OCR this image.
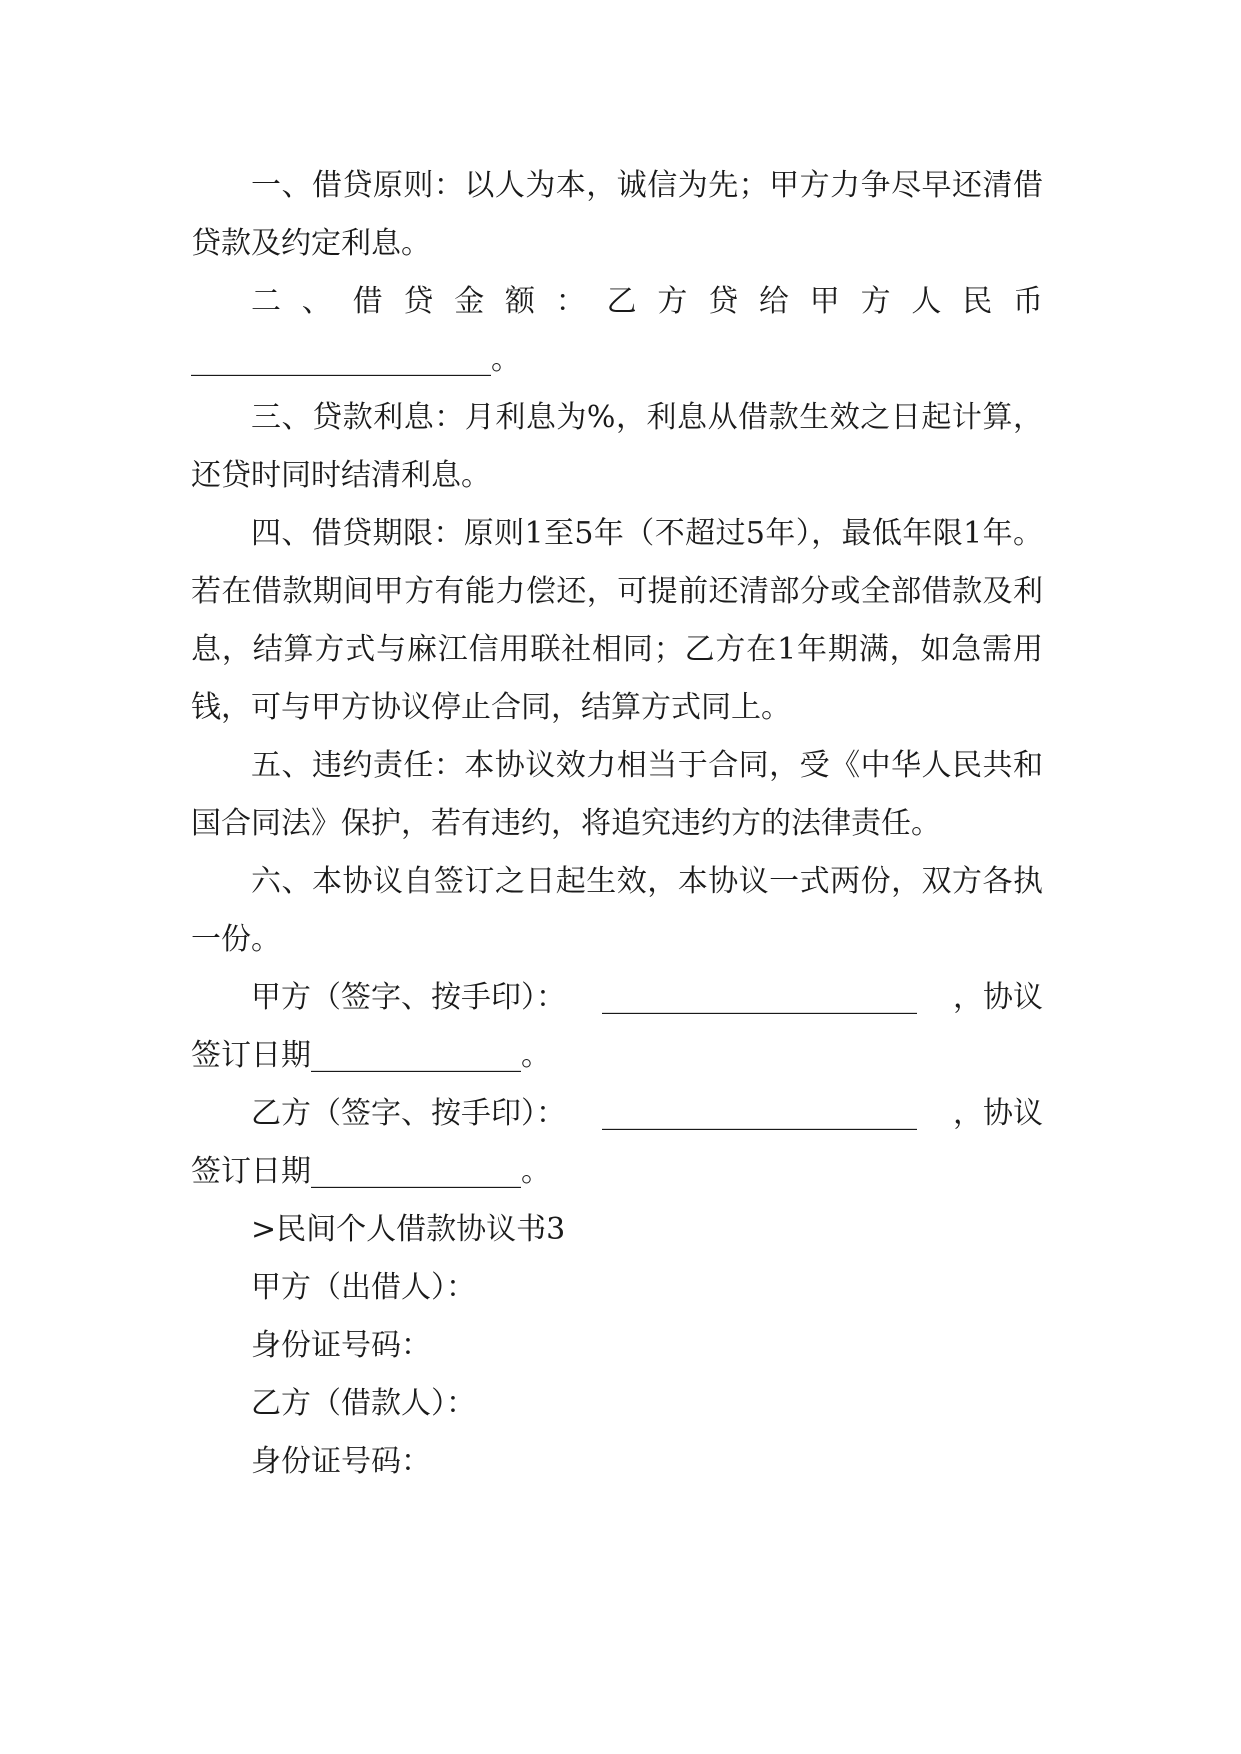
一、借贷原则：以人为本，诚信为先；甲方力争尽早还清借贷款及约定利息。

二、借贷金额：乙方贷给甲方人民币
____________________。

三、贷款利息：月利息为%，利息从借款生效之日起计算，还贷时同时结清利息。

四、借贷期限：原则1至5年（不超过5年），最低年限1年。若在借款期间甲方有能力偿还，可提前还清部分或全部借款及利息，结算方式与麻江信用联社相同；乙方在1年期满，如急需用钱，可与甲方协议停止合同，结算方式同上。

五、违约责任：本协议效力相当于合同，受《中华人民共和国合同法》保护，若有违约，将追究违约方的法律责任。

六、本协议自签订之日起生效，本协议一式两份，双方各执一份。

甲方（签字、按手印）： _____________________ ，协议
签订日期______________。
乙方（签字、按手印）： _____________________ ，协议
签订日期______________。
>民间个人借款协议书3
甲方（出借人）：
身份证号码：
乙方（借款人）：
身份证号码：
